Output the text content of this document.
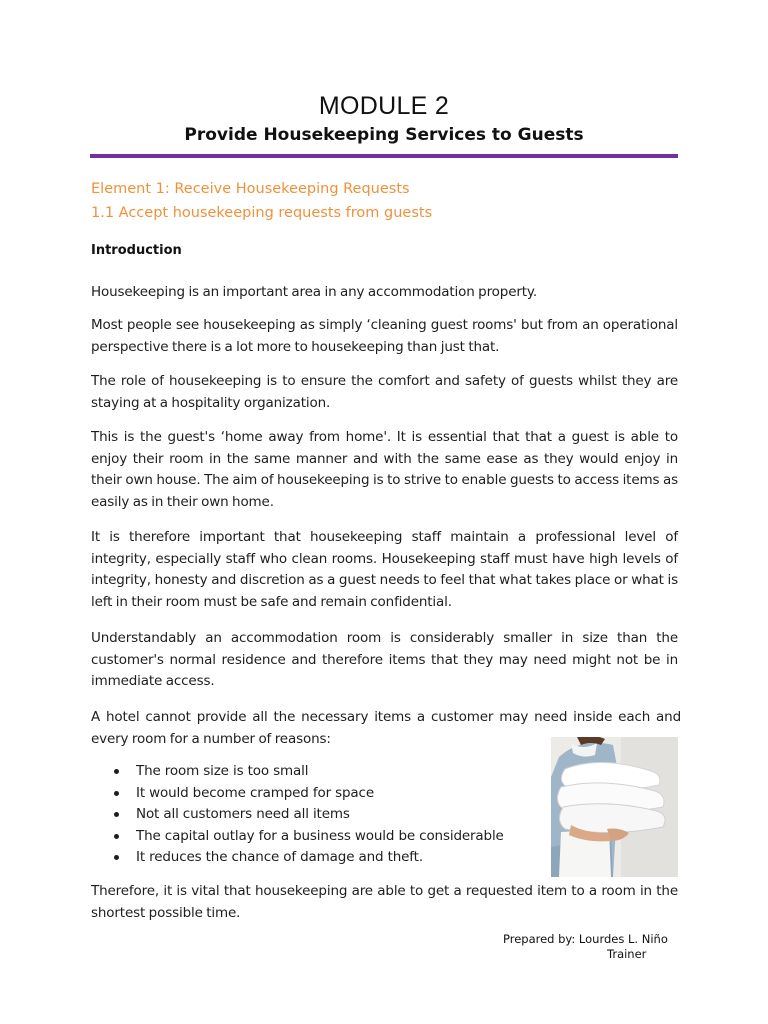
MODULE 2
Provide Housekeeping Services to Guests
Element 1: Receive Housekeeping Requests
1.1 Accept housekeeping requests from guests
Introduction
Housekeeping is an important area in any accommodation property.
Most people see housekeeping as simply ‘cleaning guest rooms' but from an operational perspective there is a lot more to housekeeping than just that.
The role of housekeeping is to ensure the comfort and safety of guests whilst they are staying at a hospitality organization.
This is the guest's ‘home away from home'. It is essential that that a guest is able to enjoy their room in the same manner and with the same ease as they would enjoy in their own house. The aim of housekeeping is to strive to enable guests to access items as easily as in their own home.
It is therefore important that housekeeping staff maintain a professional level of integrity, especially staff who clean rooms. Housekeeping staff must have high levels of integrity, honesty and discretion as a guest needs to feel that what takes place or what is left in their room must be safe and remain confidential.
Understandably an accommodation room is considerably smaller in size than the customer's normal residence and therefore items that they may need might not be in immediate access.
A hotel cannot provide all the necessary items a customer may need inside each and every room for a number of reasons:
The room size is too small
It would become cramped for space
Not all customers need all items
The capital outlay for a business would be considerable
It reduces the chance of damage and theft.
Therefore, it is vital that housekeeping are able to get a requested item to a room in the shortest possible time.
Prepared by: Lourdes L. Niño
Trainer
